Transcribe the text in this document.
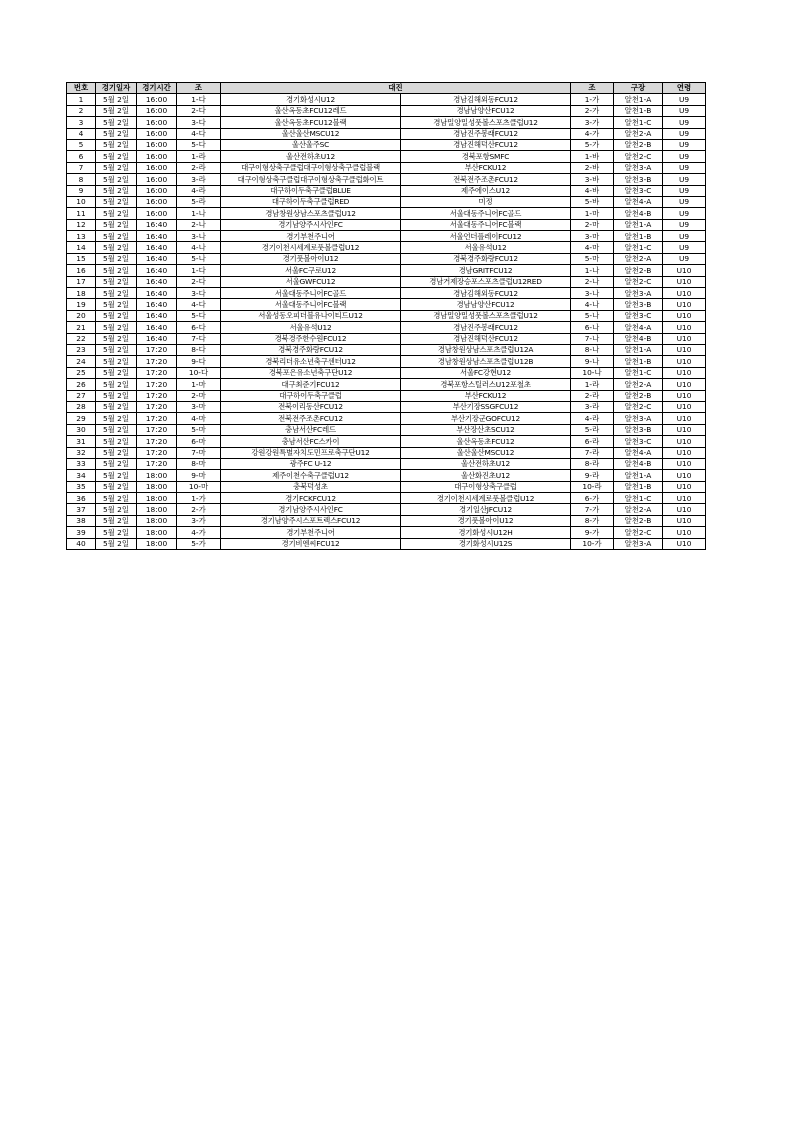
번호	경기일자	경기시간	조	대진		조	구장	연령
1	5월 2일	16:00	1-다	경기화성시U12	경남김해외동FCU12	1-가	알천1-A	U9
2	5월 2일	16:00	2-다	울산옥동초FCU12레드	경남남양산FCU12	2-가	알천1-B	U9
3	5월 2일	16:00	3-다	울산옥동초FCU12블랙	경남밀양밀성풋볼스포츠클럽U12	3-가	알천1-C	U9
4	5월 2일	16:00	4-다	울산울산MSCU12	경남진주봉래FCU12	4-가	알천2-A	U9
5	5월 2일	16:00	5-다	울산울주SC	경남진해덕산FCU12	5-가	알천2-B	U9
6	5월 2일	16:00	1-라	울산전하초U12	경북포항SMFC	1-바	알천2-C	U9
7	5월 2일	16:00	2-라	대구이형상축구클럽대구이형상축구클럽블랙	부산FCKU12	2-바	알천3-A	U9
8	5월 2일	16:00	3-라	대구이형상축구클럽대구이형상축구클럽화이트	전북전주조촌FCU12	3-바	알천3-B	U9
9	5월 2일	16:00	4-라	대구하이두축구클럽BLUE	제주에이스U12	4-바	알천3-C	U9
10	5월 2일	16:00	5-라	대구하이두축구클럽RED	미정	5-바	알천4-A	U9
11	5월 2일	16:00	1-나	경남창원상남스포츠클럽U12	서울대동주니어FC골드	1-마	알천4-B	U9
12	5월 2일	16:40	2-나	경기남양주시사인FC	서울대동주니어FC블랙	2-마	알천1-A	U9
13	5월 2일	16:40	3-나	경기부천주니어	서울언더플레이FCU12	3-마	알천1-B	U9
14	5월 2일	16:40	4-나	경기이천시세계로풋볼클럽U12	서울유석U12	4-마	알천1-C	U9
15	5월 2일	16:40	5-나	경기풋볼아이U12	경북경주화랑FCU12	5-마	알천2-A	U9
16	5월 2일	16:40	1-다	서울FC구로U12	경남GRITFCU12	1-나	알천2-B	U10
17	5월 2일	16:40	2-다	서울GWFCU12	경남거제장승포스포츠클럽U12RED	2-나	알천2-C	U10
18	5월 2일	16:40	3-다	서울대동주니어FC골드	경남김해외동FCU12	3-나	알천3-A	U10
19	5월 2일	16:40	4-다	서울대동주니어FC블랙	경남남양산FCU12	4-나	알천3-B	U10
20	5월 2일	16:40	5-다	서울성동오피더블유나이티드U12	경남밀양밀성풋볼스포츠클럽U12	5-나	알천3-C	U10
21	5월 2일	16:40	6-다	서울유석U12	경남진주봉래FCU12	6-나	알천4-A	U10
22	5월 2일	16:40	7-다	경북경주한수원FCU12	경남진해덕산FCU12	7-나	알천4-B	U10
23	5월 2일	17:20	8-다	경북경주화랑FCU12	경남창원상남스포츠클럽U12A	8-나	알천1-A	U10
24	5월 2일	17:20	9-다	경북리더유소년축구센터U12	경남창원상남스포츠클럽U12B	9-나	알천1-B	U10
25	5월 2일	17:20	10-다	경북포은유소년축구단U12	서울FC강현U12	10-나	알천1-C	U10
26	5월 2일	17:20	1-마	대구최준기FCU12	경북포항스틸러스U12포철초	1-라	알천2-A	U10
27	5월 2일	17:20	2-마	대구하이두축구클럽	부산FCKU12	2-라	알천2-B	U10
28	5월 2일	17:20	3-마	전북이리동산FCU12	부산기장SSGFCU12	3-라	알천2-C	U10
29	5월 2일	17:20	4-마	전북전주조촌FCU12	부산기장군GOFCU12	4-라	알천3-A	U10
30	5월 2일	17:20	5-마	충남서산FC레드	부산장산초SCU12	5-라	알천3-B	U10
31	5월 2일	17:20	6-마	충남서산FC스카이	울산옥동초FCU12	6-라	알천3-C	U10
32	5월 2일	17:20	7-마	강원강원특별자치도민프로축구단U12	울산울산MSCU12	7-라	알천4-A	U10
33	5월 2일	17:20	8-마	광주FC U-12	울산전하초U12	8-라	알천4-B	U10
34	5월 2일	18:00	9-마	제주이천수축구클럽U12	울산화진초U12	9-라	알천1-A	U10
35	5월 2일	18:00	10-마	충북덕성초	대구이형상축구클럽	10-라	알천1-B	U10
36	5월 2일	18:00	1-가	경기FCKFCU12	경기이천시세계로풋볼클럽U12	6-가	알천1-C	U10
37	5월 2일	18:00	2-가	경기남양주시사인FC	경기일산JFCU12	7-가	알천2-A	U10
38	5월 2일	18:00	3-가	경기남양주시스포트렉스FCU12	경기풋볼아이U12	8-가	알천2-B	U10
39	5월 2일	18:00	4-가	경기부천주니어	경기화성시U12H	9-가	알천2-C	U10
40	5월 2일	18:00	5-가	경기비엔씨FCU12	경기화성시U12S	10-가	알천3-A	U10
